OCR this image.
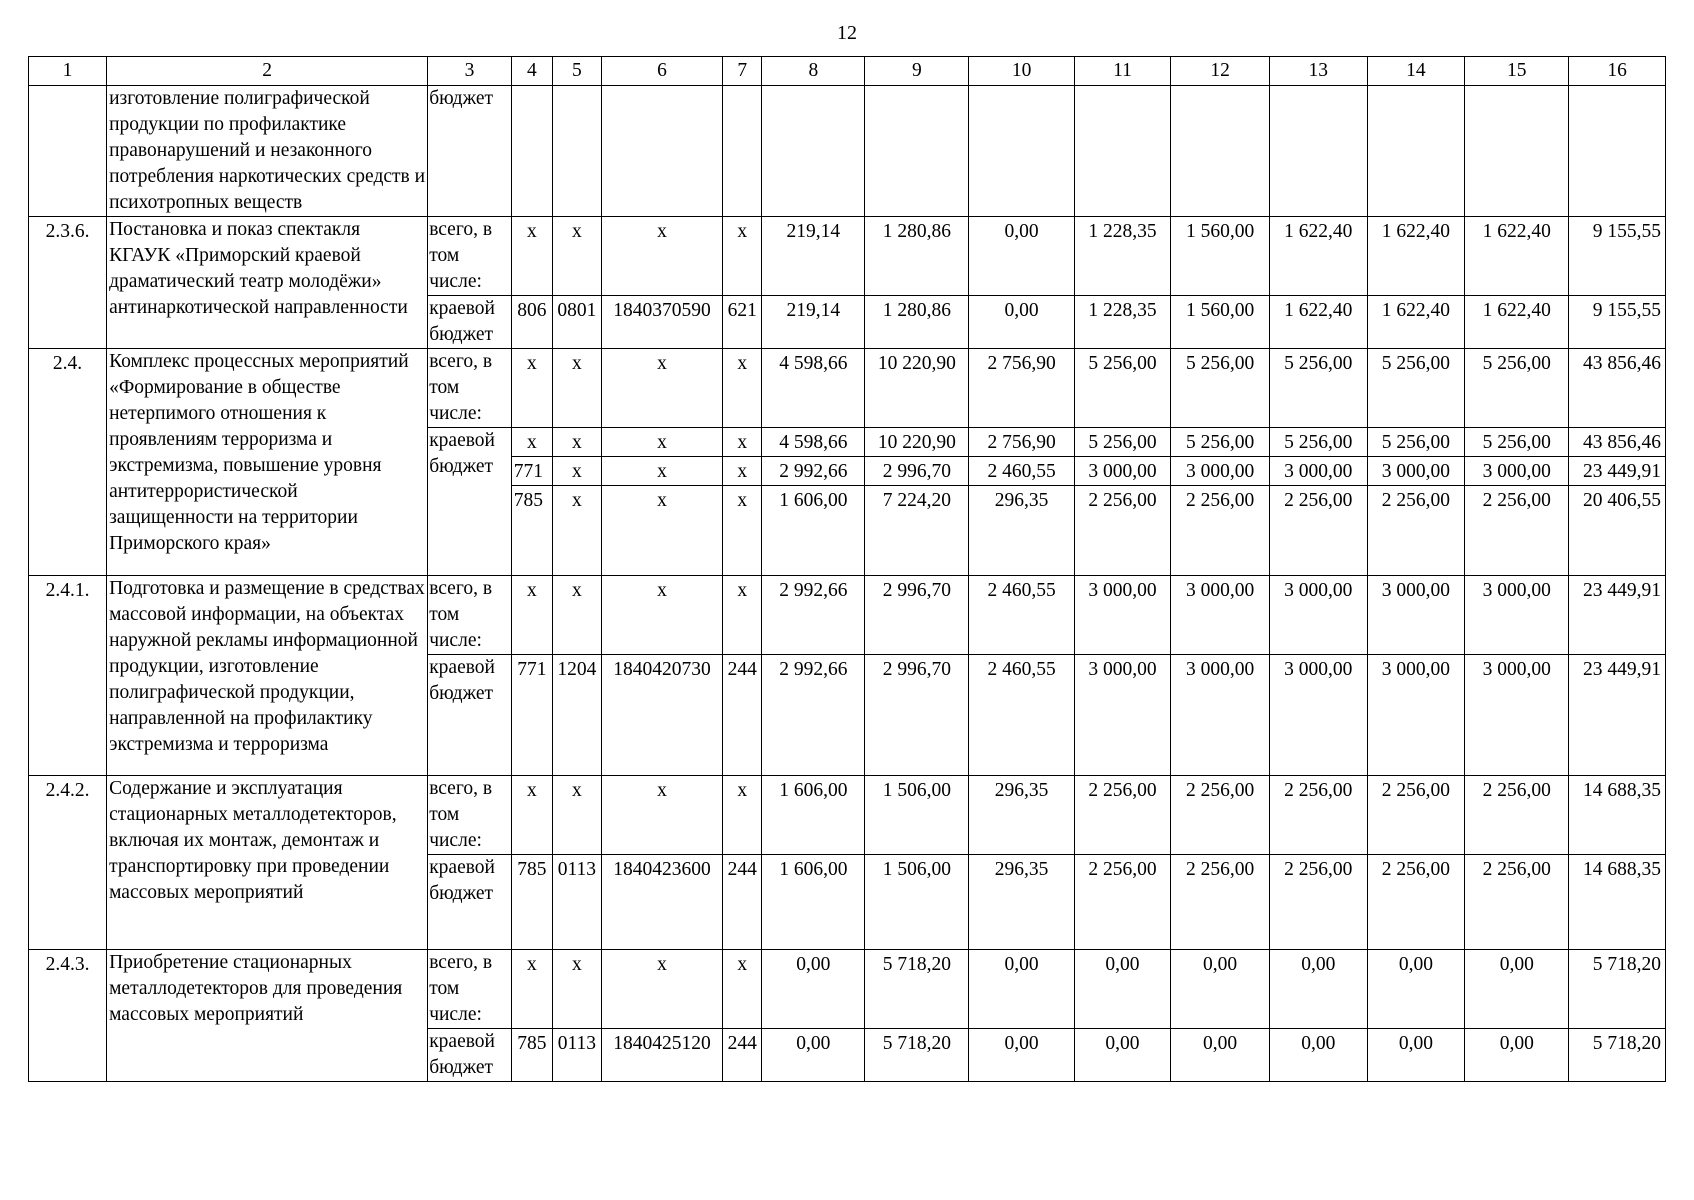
12
1	2	3	4	5	6	7	8	9	10	11	12	13	14	15	16
	изготовление полиграфической продукции по профилактике правонарушений и незаконного потребления наркотических средств и психотропных веществ	бюджет													
2.3.6.	Постановка и показ спектакля КГАУК «Приморский краевой драматический театр молодёжи» антинаркотической направленности	всего, в том числе:	x	x	x	x	219,14	1 280,86	0,00	1 228,35	1 560,00	1 622,40	1 622,40	1 622,40	9 155,55
		краевой бюджет	806	0801	1840370590	621	219,14	1 280,86	0,00	1 228,35	1 560,00	1 622,40	1 622,40	1 622,40	9 155,55
2.4.	Комплекс процессных мероприятий «Формирование в обществе нетерпимого отношения к проявлениям терроризма и экстремизма, повышение уровня антитеррористической защищенности на территории Приморского края»	всего, в том числе:	x	x	x	x	4 598,66	10 220,90	2 756,90	5 256,00	5 256,00	5 256,00	5 256,00	5 256,00	43 856,46
		краевой бюджет	x	x	x	x	4 598,66	10 220,90	2 756,90	5 256,00	5 256,00	5 256,00	5 256,00	5 256,00	43 856,46
			771	x	x	x	2 992,66	2 996,70	2 460,55	3 000,00	3 000,00	3 000,00	3 000,00	3 000,00	23 449,91
			785	x	x	x	1 606,00	7 224,20	296,35	2 256,00	2 256,00	2 256,00	2 256,00	2 256,00	20 406,55
2.4.1.	Подготовка и размещение в средствах массовой информации, на объектах наружной рекламы информационной продукции, изготовление полиграфической продукции, направленной на профилактику экстремизма и терроризма	всего, в том числе:	x	x	x	x	2 992,66	2 996,70	2 460,55	3 000,00	3 000,00	3 000,00	3 000,00	3 000,00	23 449,91
		краевой бюджет	771	1204	1840420730	244	2 992,66	2 996,70	2 460,55	3 000,00	3 000,00	3 000,00	3 000,00	3 000,00	23 449,91
2.4.2.	Содержание и эксплуатация стационарных металлодетекторов, включая их монтаж, демонтаж и транспортировку при проведении массовых мероприятий	всего, в том числе:	x	x	x	x	1 606,00	1 506,00	296,35	2 256,00	2 256,00	2 256,00	2 256,00	2 256,00	14 688,35
		краевой бюджет	785	0113	1840423600	244	1 606,00	1 506,00	296,35	2 256,00	2 256,00	2 256,00	2 256,00	2 256,00	14 688,35
2.4.3.	Приобретение стационарных металлодетекторов для проведения массовых мероприятий	всего, в том числе:	x	x	x	x	0,00	5 718,20	0,00	0,00	0,00	0,00	0,00	0,00	5 718,20
		краевой бюджет	785	0113	1840425120	244	0,00	5 718,20	0,00	0,00	0,00	0,00	0,00	0,00	5 718,20
